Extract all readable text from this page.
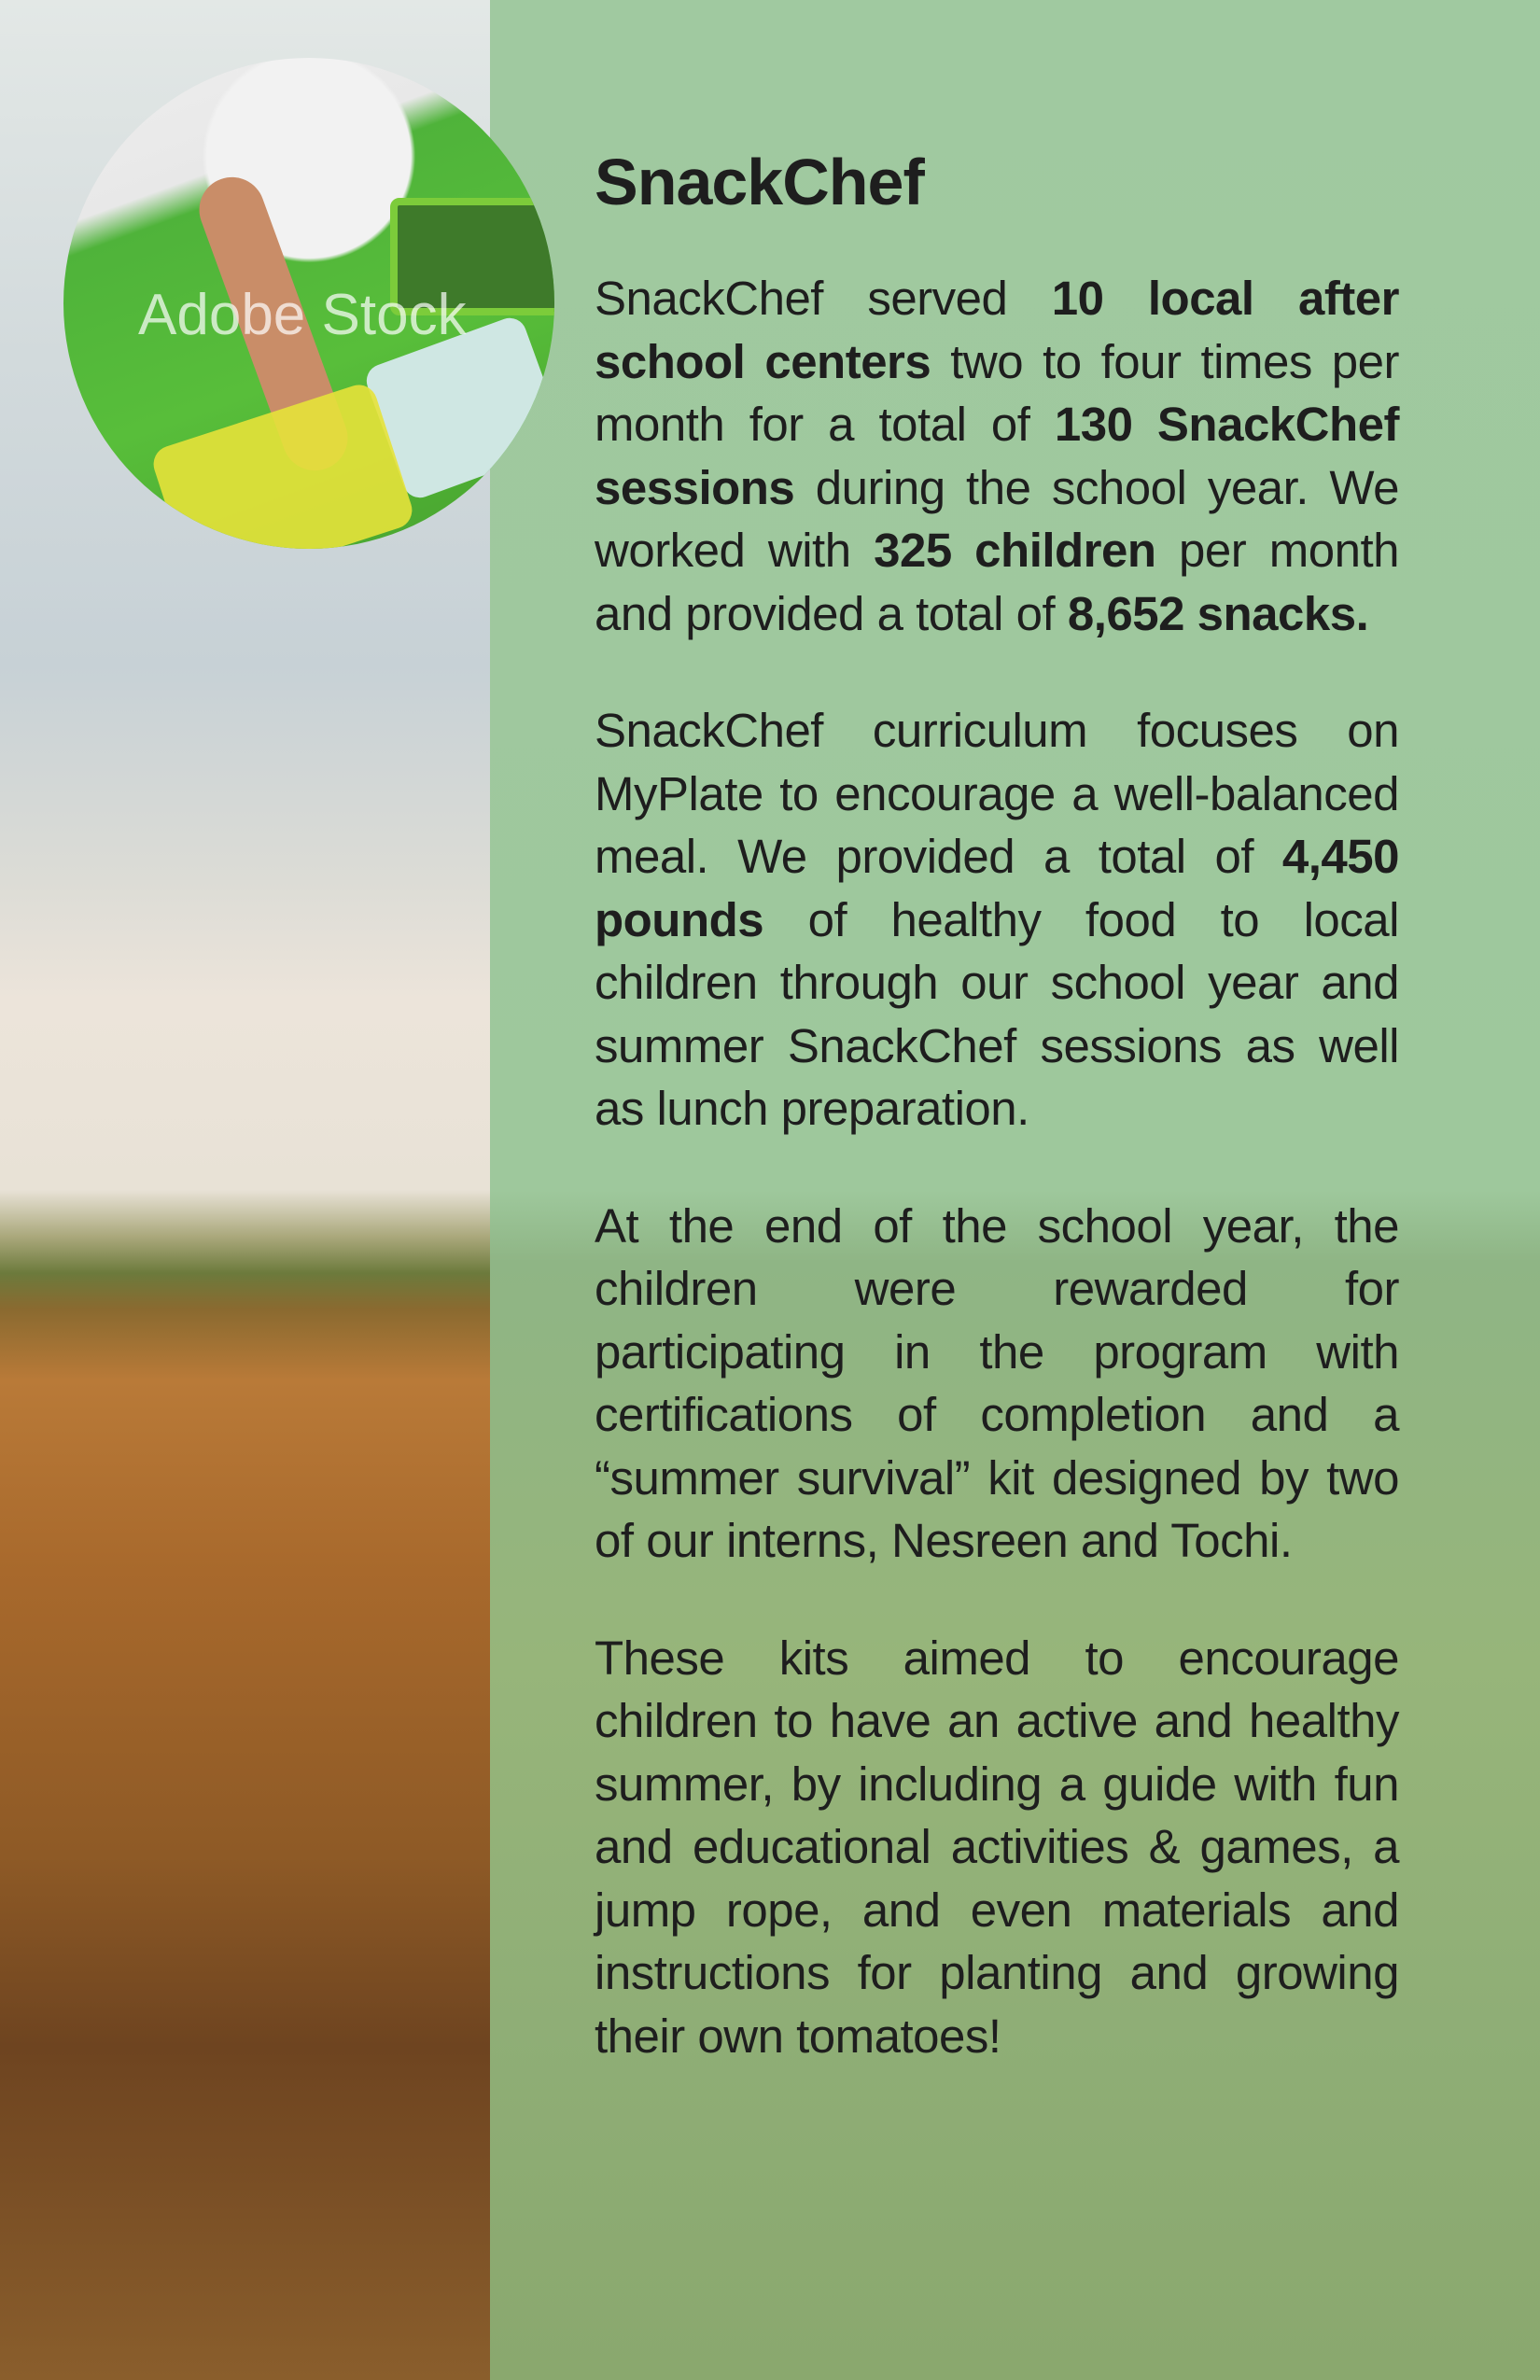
Adobe Stock
SnackChef

SnackChef served 10 local after school centers two to four times per month for a total of 130 SnackChef sessions during the school year. We worked with 325 children per month and provided a total of 8,652 snacks.

SnackChef curriculum focuses on MyPlate to encourage a well-balanced meal. We provided a total of 4,450 pounds of healthy food to local children through our school year and summer SnackChef sessions as well as lunch preparation.

At the end of the school year, the children were rewarded for participating in the program with certifications of completion and a “summer survival” kit designed by two of our interns, Nesreen and Tochi.

These kits aimed to encourage children to have an active and healthy summer, by including a guide with fun and educational activities & games, a jump rope, and even materials and instructions for planting and growing their own tomatoes!
